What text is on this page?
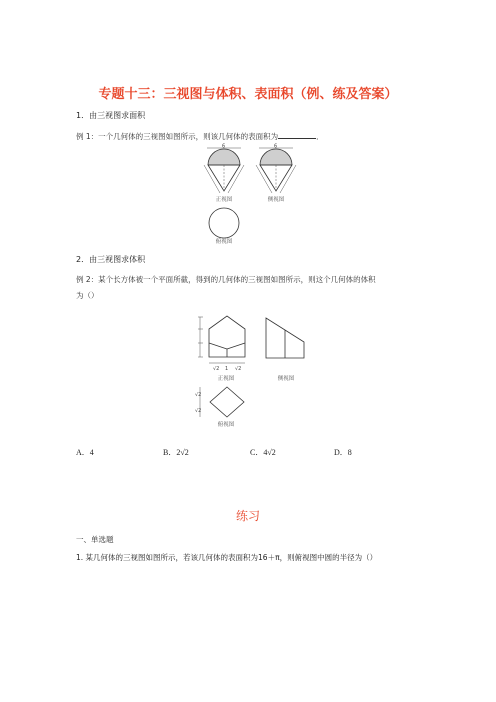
专题十三：三视图与体积、表面积（例、练及答案）
1．由三视图求面积
例 1：一个几何体的三视图如图所示，则该几何体的表面积为	．
6
正视图
6
侧视图
俯视图
2．由三视图求体积
例 2：某个长方体被一个平面所截，得到的几何体的三视图如图所示，则这个几何体的体积
为（）
√2 1 √2
正视图	侧视图
√2
√2
俯视图
A．4	B．2√2	C．4√2	D．8
练习
一、单选题
1. 某几何体的三视图如图所示，若该几何体的表面积为16＋π，则俯视图中圆的半径为（）
